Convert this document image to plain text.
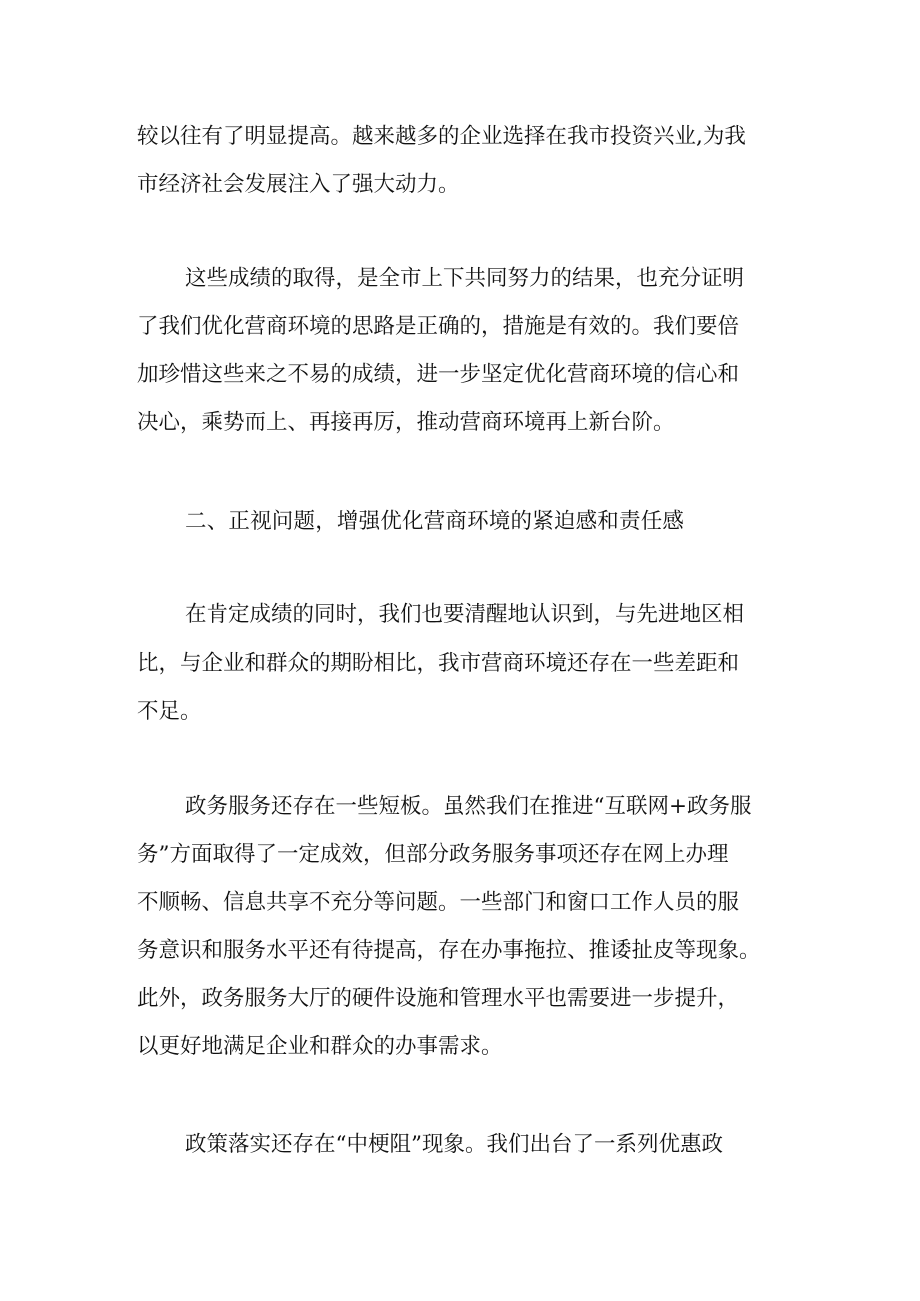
较以往有了明显提高。越来越多的企业选择在我市投资兴业,为我
市经济社会发展注入了强大动力。
这些成绩的取得，是全市上下共同努力的结果，也充分证明
了我们优化营商环境的思路是正确的，措施是有效的。我们要倍
加珍惜这些来之不易的成绩，进一步坚定优化营商环境的信心和
决心，乘势而上、再接再厉，推动营商环境再上新台阶。
二、正视问题，增强优化营商环境的紧迫感和责任感
在肯定成绩的同时，我们也要清醒地认识到，与先进地区相
比，与企业和群众的期盼相比，我市营商环境还存在一些差距和
不足。
政务服务还存在一些短板。虽然我们在推进“互联网+政务服
务”方面取得了一定成效，但部分政务服务事项还存在网上办理
不顺畅、信息共享不充分等问题。一些部门和窗口工作人员的服
务意识和服务水平还有待提高，存在办事拖拉、推诿扯皮等现象。
此外，政务服务大厅的硬件设施和管理水平也需要进一步提升，
以更好地满足企业和群众的办事需求。
政策落实还存在“中梗阻”现象。我们出台了一系列优惠政
